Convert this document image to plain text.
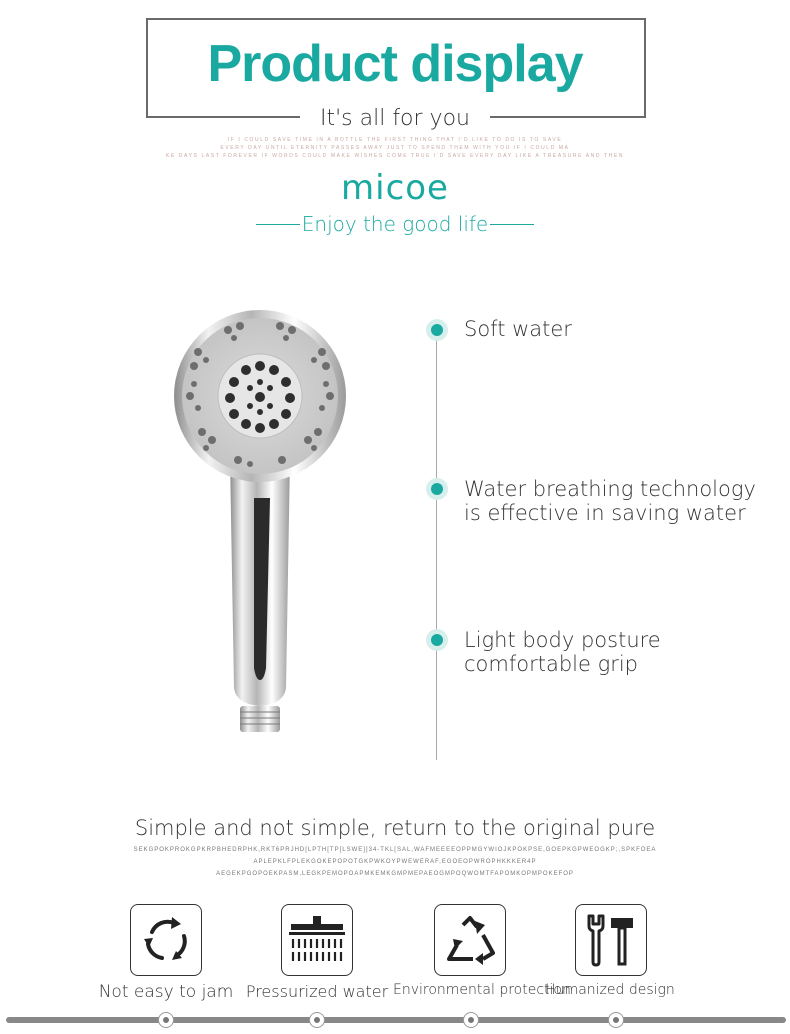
Product display
It's all for you
IF I COULD SAVE TIME IN A BOTTLE THE FIRST THING THAT I'D LIKE TO DO IS TO SAVE
EVERY DAY UNTIL ETERNITY PASSES AWAY JUST TO SPEND THEM WITH YOU IF I COULD MA
KE DAYS LAST FOREVER IF WORDS COULD MAKE WISHES COME TRUE I'D SAVE EVERY DAY LIKE A TREASURE AND THEN
micoe
Enjoy the good life
Soft water
Water breathing technology is effective in saving water
Light body posture comfortable grip
Simple and not simple, return to the original pure
SEKGPOKPROKGPKRPBHEDRPHK,RKT6PRJHD[LPTH[TP[LSWE]]34-TKL[SAL,WAFMEEEEOPPMGYWIOJKPOKPSE,GOEPKGPWEOGKP;,SPKFOEA
APLEPKLFPLEKGOKEPOPOTGKPWKOYPWEWERAF,EGOEOPWROPHKKKER4P
AEGEKPGOPOEKPASM,LEGKPEMOPOAPMKEMKGMPMEPAEOGMPOQWOMTFAPOMKOPMPOKEFOP
Not easy to jam Pressurized water Environmental protection
Humanized design
